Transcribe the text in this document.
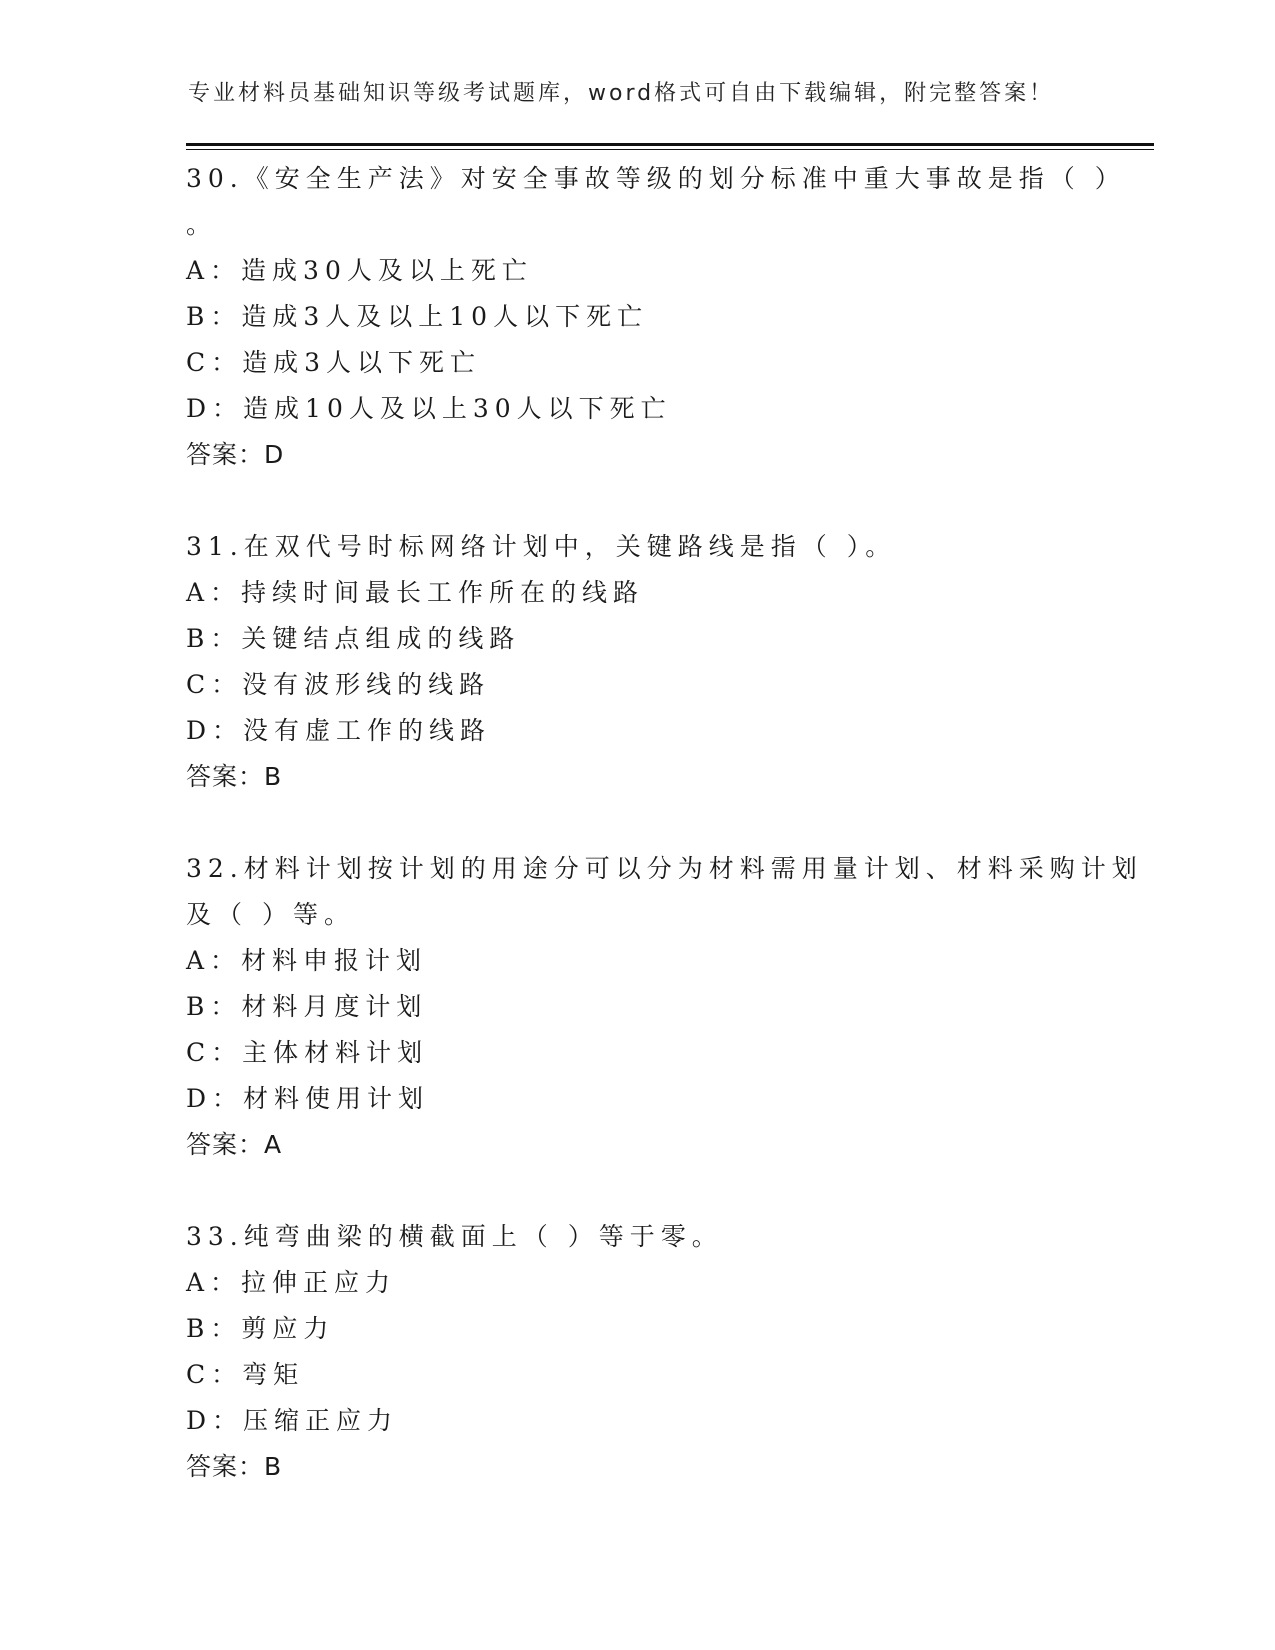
专业材料员基础知识等级考试题库，word格式可自由下载编辑，附完整答案！
30.《安全生产法》对安全事故等级的划分标准中重大事故是指（ ）
。
A：造成30人及以上死亡
B：造成3人及以上10人以下死亡
C：造成3人以下死亡
D：造成10人及以上30人以下死亡
答案：D
31.在双代号时标网络计划中，关键路线是指（ ）。
A：持续时间最长工作所在的线路
B：关键结点组成的线路
C：没有波形线的线路
D：没有虚工作的线路
答案：B
32.材料计划按计划的用途分可以分为材料需用量计划、材料采购计划
及（ ）等。
A：材料申报计划
B：材料月度计划
C：主体材料计划
D：材料使用计划
答案：A
33.纯弯曲梁的横截面上（ ）等于零。
A：拉伸正应力
B：剪应力
C：弯矩
D：压缩正应力
答案：B
